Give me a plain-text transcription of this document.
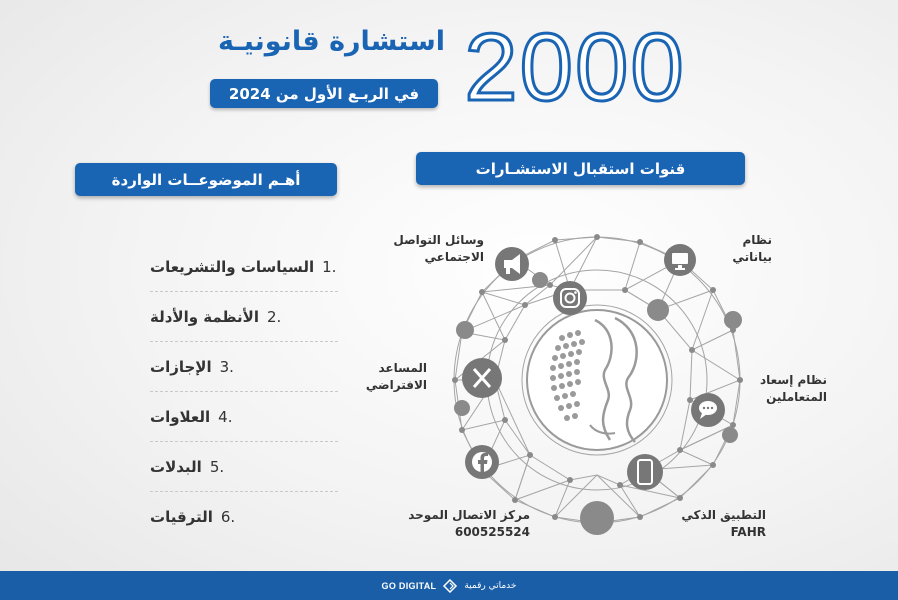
2000
استشارة قانونيـة
في الربـع الأول من 2024
أهـم الموضوعــات الواردة
قنوات استقبال الاستشـارات
1.
السياسات والتشريعات
2.
الأنظمة والأدلة
3.
الإجازات
4.
العلاوات
5.
البدلات
6.
الترقيات
وسائل التواصل
الاجتماعي
نظام
بياناتي
المساعد
الافتراضي	نظام إسعاد
المتعاملين
مركز الاتصال الموحد
600525524
التطبيق الذكي
FAHR
GO DIGITAL	خدماتي رقمية
